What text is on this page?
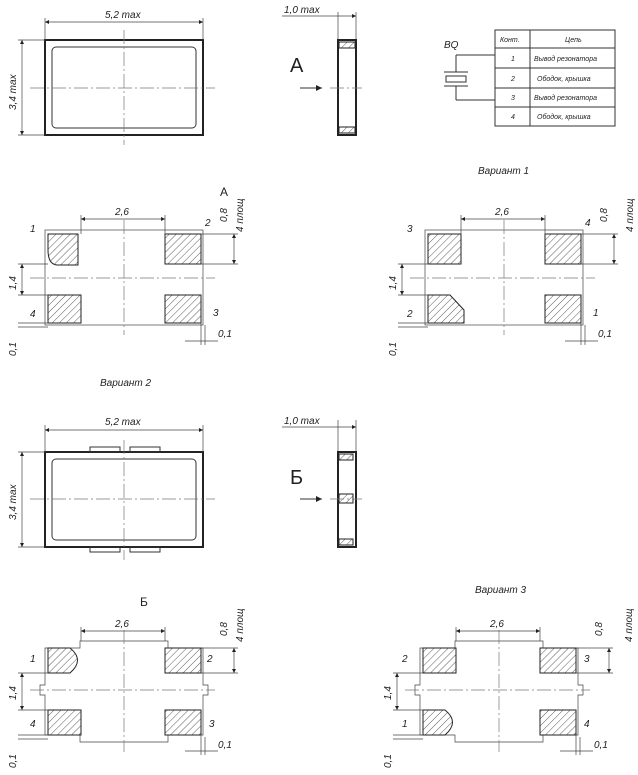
5,2 max
3,4 max
1,0 max
А
BQ	Конт.	Цепь
1	Вывод резонатора
2	Ободок, крышка
3	Вывод резонатора
4	Ободок, крышка
Вариант 1
1
2
4	3
2,6
1,4
0,8 4 площ
А
0,1
0,1
3
4
2	1
2,6
1,4
0,8 4 площ
0,1
0,1
Вариант 2
5,2 max
3,4 max
1,0 max
Б
Вариант 3
Б
1	2
4	3
2,6
1,4
0,8 4 площ
0,1
0,1
2	3
1	4
2,6
1,4
0,8 4 площ
0,1
0,1
